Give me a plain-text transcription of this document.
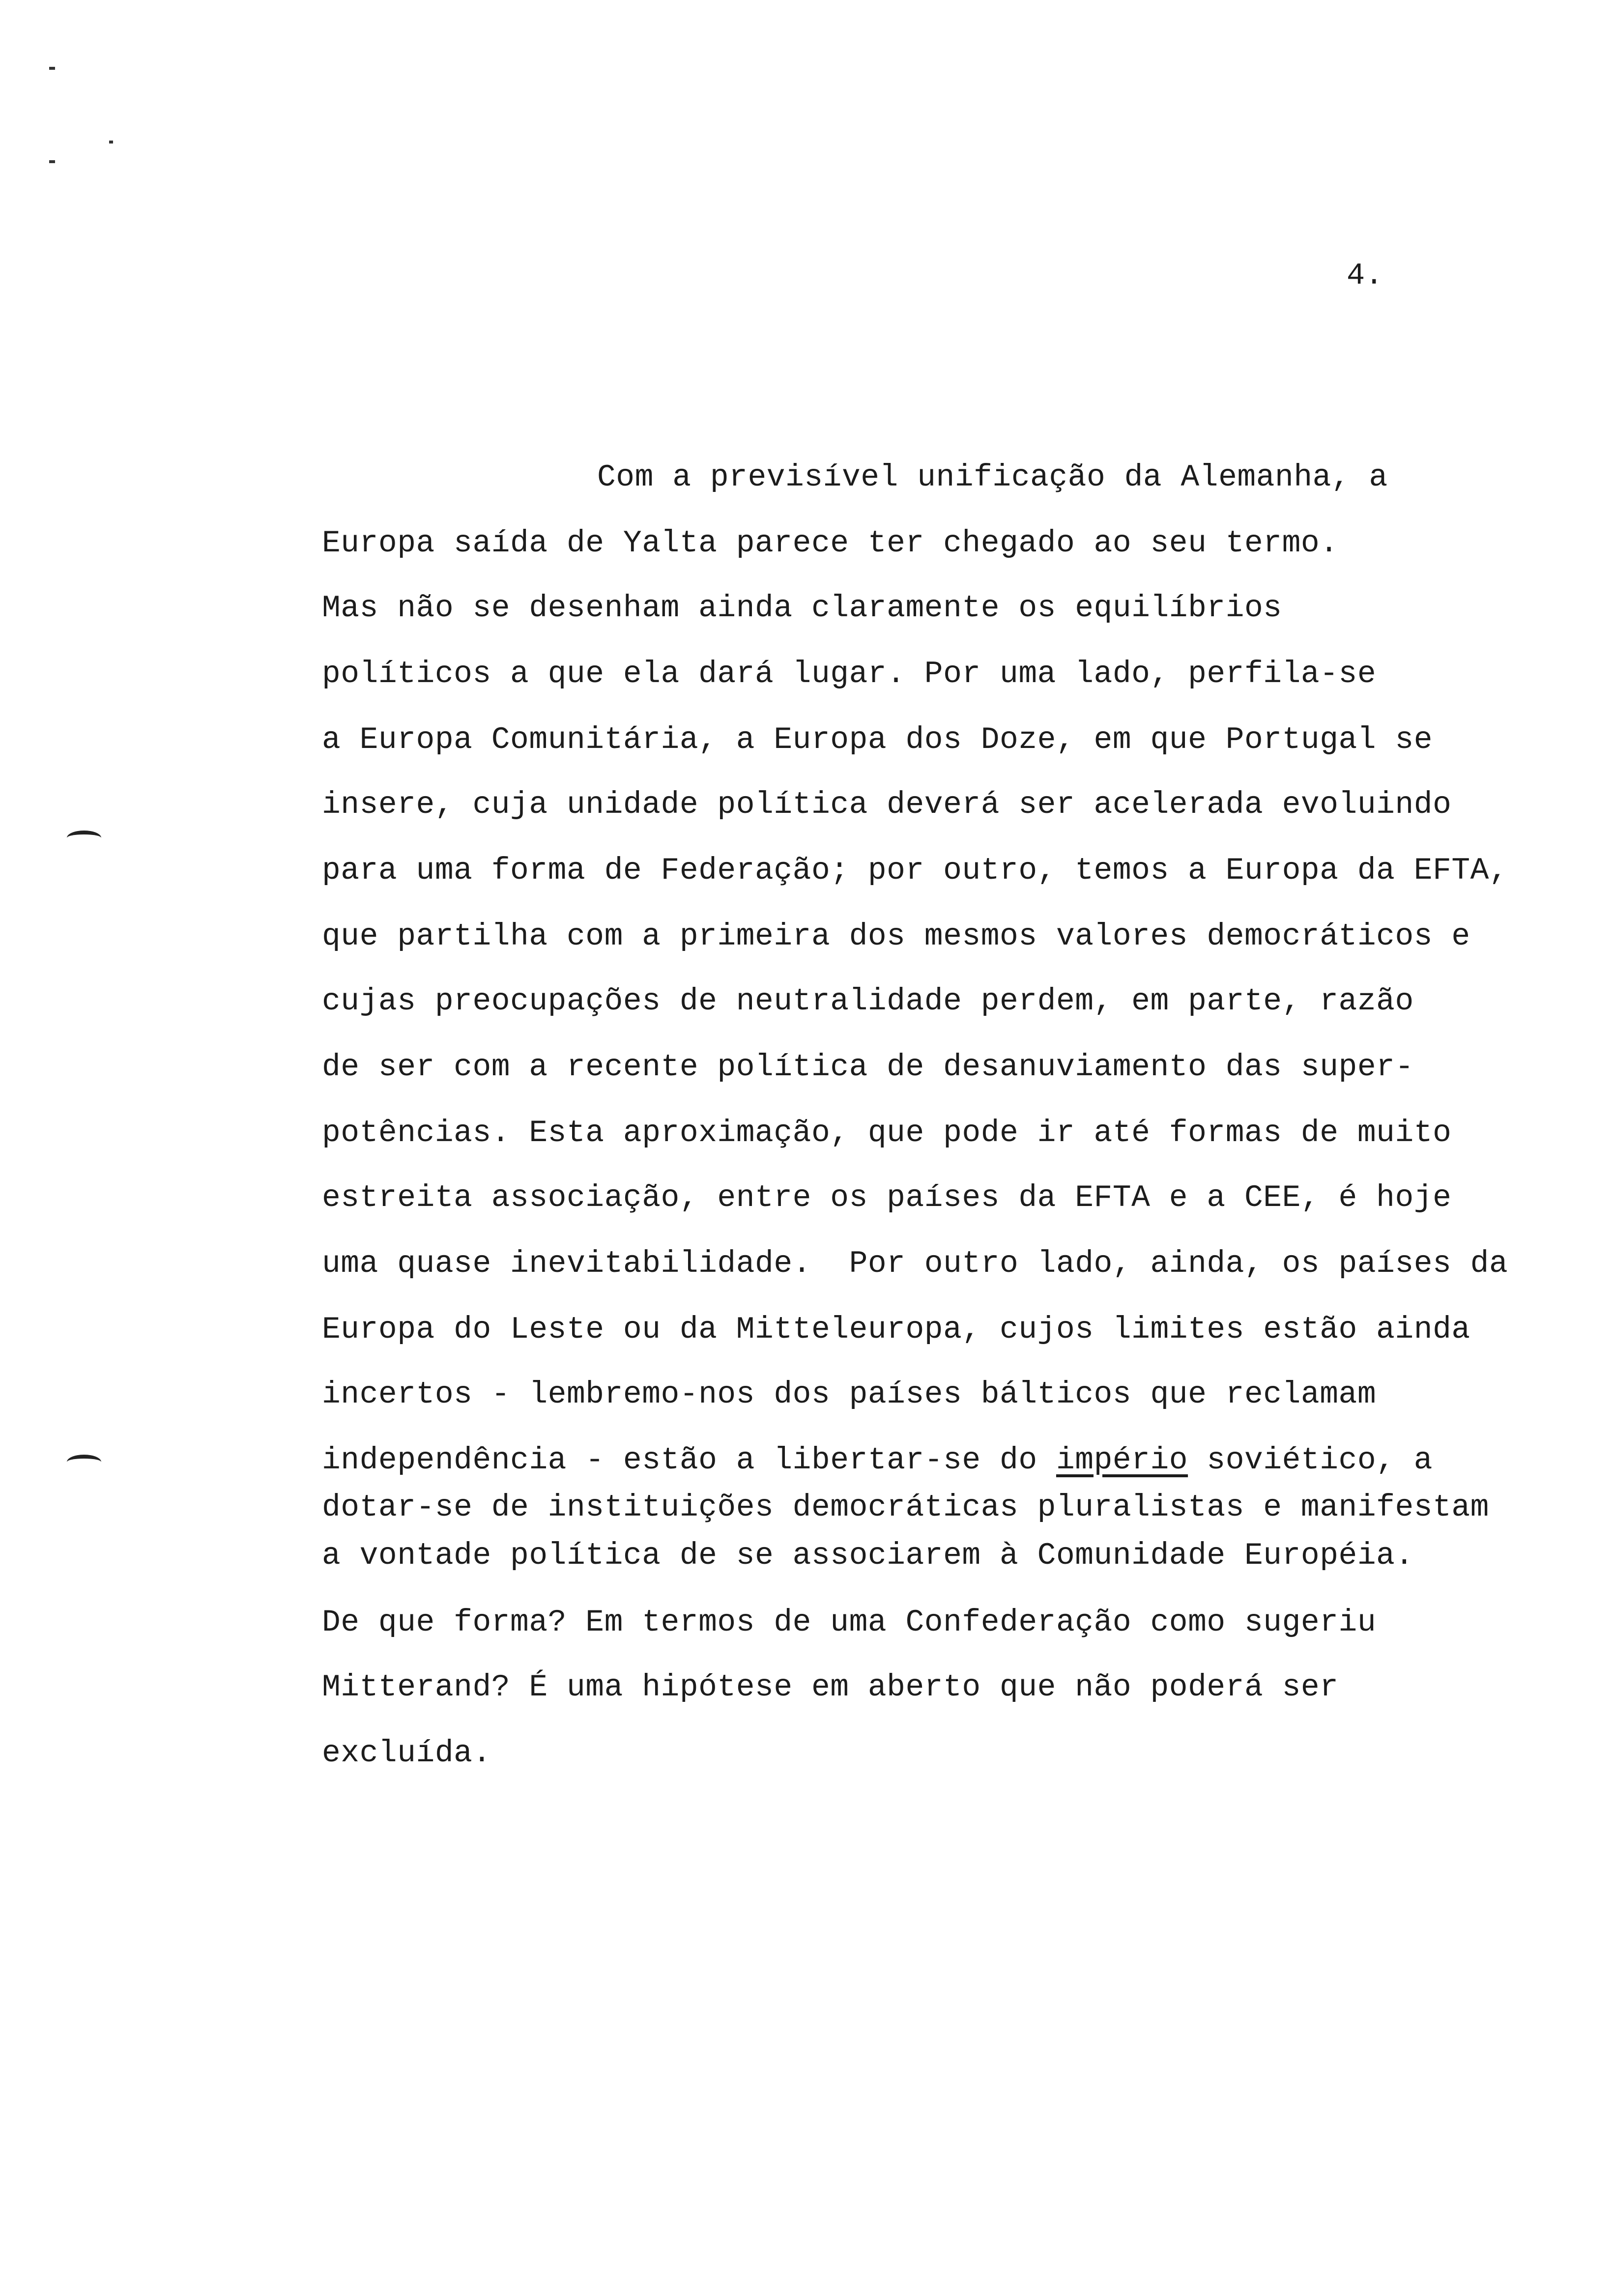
4.
Com a previsível unificação da Alemanha, a
Europa saída de Yalta parece ter chegado ao seu termo.
Mas não se desenham ainda claramente os equilíbrios
políticos a que ela dará lugar. Por uma lado, perfila-se
a Europa Comunitária, a Europa dos Doze, em que Portugal se
insere, cuja unidade política deverá ser acelerada evoluindo
para uma forma de Federação; por outro, temos a Europa da EFTA,
que partilha com a primeira dos mesmos valores democráticos e
cujas preocupações de neutralidade perdem, em parte, razão
de ser com a recente política de desanuviamento das super-
potências. Esta aproximação, que pode ir até formas de muito
estreita associação, entre os países da EFTA e a CEE, é hoje
uma quase inevitabilidade.  Por outro lado, ainda, os países da
Europa do Leste ou da Mitteleuropa, cujos limites estão ainda
incertos - lembremo-nos dos países bálticos que reclamam
independência - estão a libertar-se do império soviético, a
dotar-se de instituições democráticas pluralistas e manifestam
a vontade política de se associarem à Comunidade Européia.
De que forma? Em termos de uma Confederação como sugeriu
Mitterand? É uma hipótese em aberto que não poderá ser
excluída.
